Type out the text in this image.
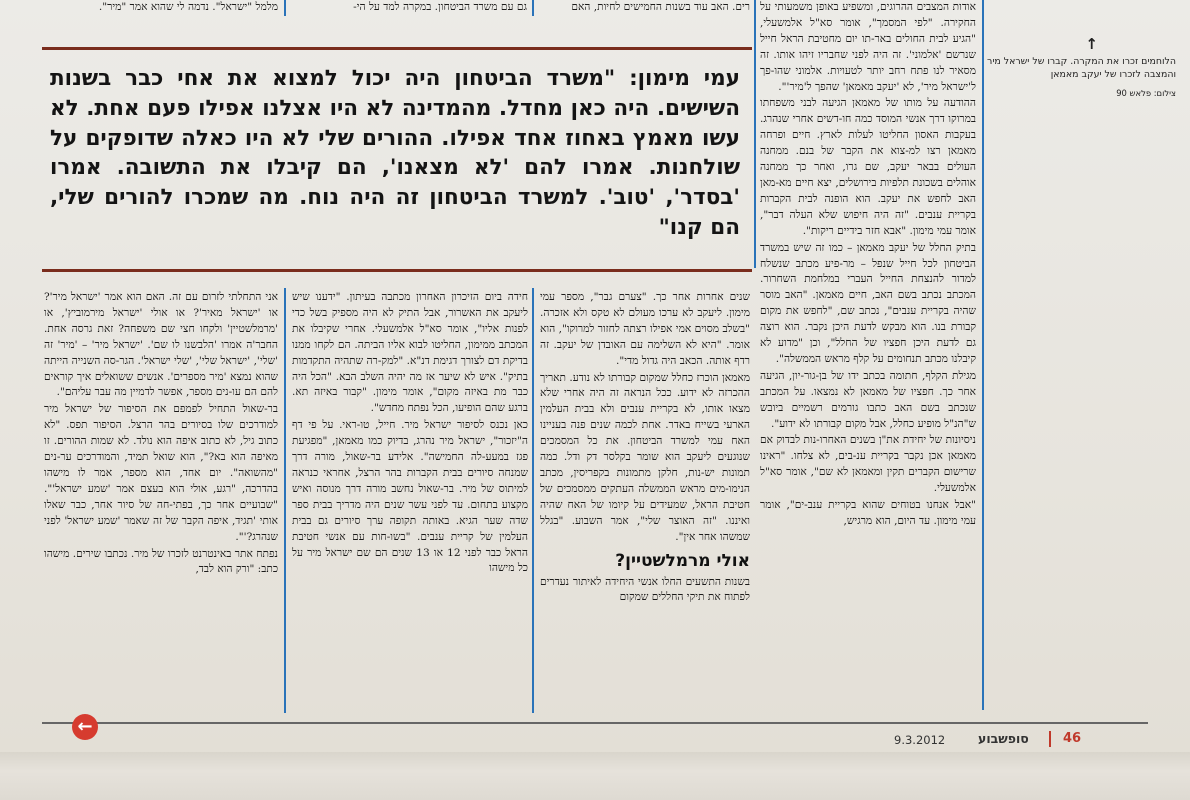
מלמל "ישראל". נדמה לי שהוא אמר "מיר".	גם עם משרד הביטחון. במקרה למד על הי-	רים. האב עוד בשנות החמישים לחיות, האם
עמי מימון: "משרד הביטחון היה יכול למצוא את אחי כבר בשנות השישים. היה כאן מחדל. מהמדינה לא היו אצלנו אפילו פעם אחת. לא עשו מאמץ באחוז אחד אפילו. ההורים שלי לא היו כאלה שדופקים על שולחנות. אמרו להם 'לא מצאנו', הם קיבלו את התשובה. אמרו 'בסדר', 'טוב'. למשרד הביטחון זה היה נוח. מה שמכרו להורים שלי, הם קנו"

אודות המצבים ההרוגים, ומשפיע באופן משמעותי על החקירה. "לפי המסמך", אומר סא"ל אלמשעלי, "הגיע לבית החולים באר-תו יום מחטיבת הראל חייל שנרשם 'אלמוני'. זה היה לפני שחבריו זיהו אותו. זה מסאיר לנו פתח רחב יותר לטעויות. אלמוני שהו-פך ל'ישראל מיר', לא 'יעקב מאמאן' שהפך ל'מיר'".

ההודעה על מותו של מאמאן הגיעה לבני משפחתו במרוקו דרך אנשי המוסד כמה חו-דשים אחרי שנהרג. בעקבות האסון החליטו לעלות לארץ. חיים ופרחה מאמאן רצו למ-צוא את הקבר של בנם. ממחנה העולים בבאר יעקב, שם גרו, ואחר כך ממחנה אוהלים בשכונת תלפיות בירושלים, יצא חיים מא-מאן האב לחפש את יעקב. הוא הופנה לבית הקברות בקריית ענבים. "זה היה חיפוש שלא העלה דבר", אומר עמי מימון. "אבא חזר בידיים ריקות".

בתיק החלל של יעקב מאמאן – כמו זה שיש במשרד הביטחון לכל חייל שנפל – מר-פיע מכתב שנשלח למדור להנצחת החייל העברי במלחמת השחרור. המכתב נכתב בשם האב, חיים מאמאן. "האב מוסר שהיה בקריית ענבים", נכתב שם, "לחפש את מקום קבורת בנו. הוא מבקש לדעת היכן נקבר. הוא רוצה גם לדעת היכן חפציו של החלל", וכן "מדוע לא קיבלנו מכתב תנחומים על קלף מראש הממשלה".

מגילת הקלף, חתומה בכתב ידו של בן-גור-יון, הגיעה אחר כך. חפציו של מאמאן לא נמצאו. על המכתב שנכתב בשם האב כתבו גורמים רשמיים ביובש ש"הנ"ל מופיע כחלל, אבל מקום קבורתו לא ידוע".

ניסיונות של יחידת את"ן בשנים האחרו-נות לבדוק אם מאמאן אכן נקבר בקריית ענ-בים, לא צלחו. "ראינו שרישום הקברים תקין ומאמאן לא שם", אומר סא"ל אלמשעלי.

"אבל אנחנו בטוחים שהוא בקריית ענב-ים", אומר עמי מימון. עד היום, הוא מרגיש,

↑
הלוחמים זכרו את המקרה. קברו של ישראל מיר והמצבה לזכרו של יעקב מאמאן
צילום: פלאש 90

שנים אחרות אחר כך. "צערם גבר", מספר עמי מימון. ליעקב לא ערכו מעולם לא טקס ולא אזכרה. "בשלב מסוים אמי אפילו רצתה לחזור למרוקו", הוא אומר. "היא לא השלימה עם האובדן של יעקב. זה רדף אותה. הכאב היה גדול מדי".

מאמאן הוכרז כחלל שמקום קבורתו לא נודע. תאריך ההכרזה לא ידוע. ככל הנראה זה היה אחרי שלא מצאו אותו, לא בקריית ענבים ולא בבית העלמין הארעי בשייח באדר. אחת לכמה שנים פנה בעניינו האח עמי למשרד הביטחון. את כל המסמכים שנוגעים ליעקב הוא שומר בקלסר דק ודל. כמה תמונות יש-נות, חלקן מתמונות בקפריסין, מכתב הנימו-מים מראש הממשלה העתקים ממסמכים של חטיבת הראל, שמעידים על קיומו של האח שהיה ואיננו. "זה האוצר שלי", אמר השבוע. "בגלל שמשהו אחר אין".

אולי מרמלשטיין?

בשנות התשעים החלו אנשי היחידה לאיתור נעדרים לפתוח את תיקי החללים שמקום

חידה ביום הזיכרון האחרון מכתבה בעיתון. "ידענו שיש ליעקב את האשרור, אבל התיק לא היה מספיק בשל כדי לפנות אליו", אומר סא"ל אלמשעלי. אחרי שקיבלו את המכתב ממימון, החליטו לבוא אליו הביתה. הם לקחו ממנו בדיקת דם לצורך דגימת דנ"א. "למק-רה שתהיה התקדמות בתיק". איש לא שיער אז מה יהיה השלב הבא. "הכל היה כבר מת באיזה מקום", אומר מימון. "קבור באיזה תא. ברגע שהם הופיעו, הכל נפתח מחדש".

כאן נכנס לסיפור ישראל מיר. חייל, טו-ראי. על פי דף ה"יזכור", ישראל מיר נהרג, בדיוק כמו מאמאן, "מפגיעת פגז במעע-לה החמישה". אלידע בר-שאול, מורה דרך שמנחה סיורים בבית הקברות בהר הרצל, אחראי כנראה למיתוס של מיר. בר-שאול נחשב מורה דרך מנוסה ואיש מקצוע בתחום. עד לפני עשר שנים היה מדריך בבית ספר שדה שער הגיא. באותה תקופה ערך סיורים גם בבית העלמין של קריית ענבים. "בשו-חות עם אנשי חטיבת הראל כבר לפני 12 או 13 שנים הם שם ישראל מיר על כל מישהו

אני התחלתי לזרום עם זה. האם הוא אמר 'ישראל מיר'? או 'ישראל מאיר'? או אולי 'ישראל מירמוביץ', או 'מרמלשטיין' ולקחו חצי שם משפחה? זאת גרסה אחת. החבר'ה אמרו 'הלבשנו לו שם'. 'ישראל מיר' – 'מיר' זה 'שלי', 'ישראל שלי', 'שלי ישראל'. הגר-סה השנייה הייתה שהוא נמצא 'מיר מספרים'. אנשים ששואלים איך קוראים להם הם עו-נים מספר, אפשר לדמיין מה עבר עליהם".

בר-שאול התחיל לפמפם את הסיפור של ישראל מיר למודרכים שלו בסיורים בהר הרצל. הסיפור תפס. "לא כתוב גיל, לא כתוב איפה הוא נולד. לא שמות ההורים. זו מאיפה הוא בא?", הוא שואל תמיד, והמודרכים ער-נים "מהשואה". יום אחד, הוא מספר, אמר לו מישהו בהדרכה, "רגע, אולי הוא בעצם אמר 'שמע ישראל'". "שבועיים אחר כך, בפתי-חה של סיור אחר, כבר שאלו אותי 'תגיד, איפה הקבר של זה שאמר 'שמע ישראל' לפני שנהרג?'".

נפתח אתר באינטרנט לזכרו של מיר. נכתבו שירים. מישהו כתב: "ורק הוא לבד,

←
9.3.2012	סופשבוע	46
